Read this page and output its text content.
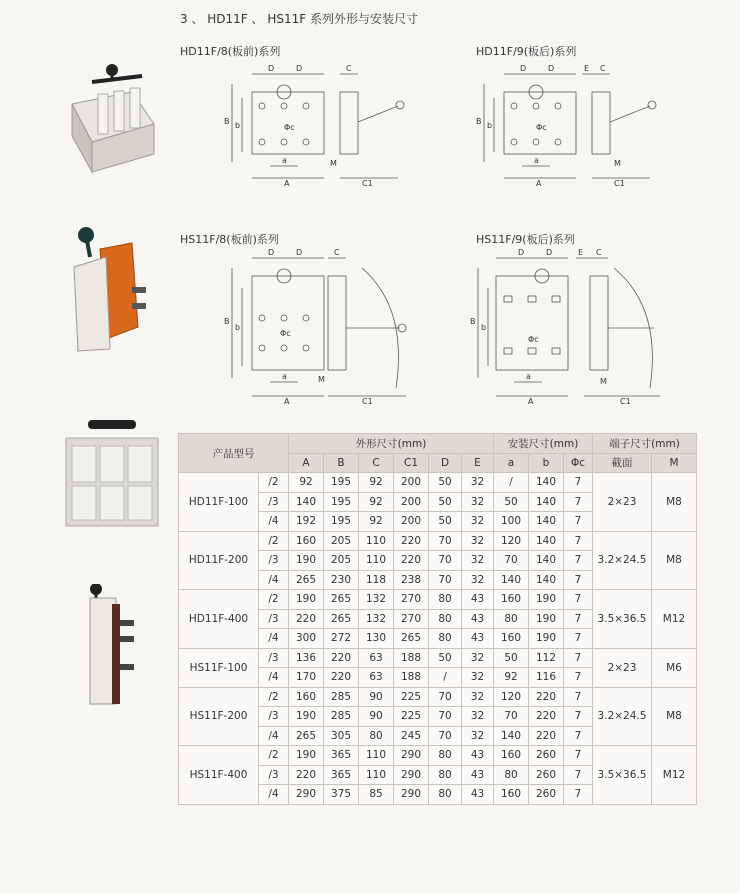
3 、 HD11F 、 HS11F 系列外形与安装尺寸
HD11F/8(板前)系列	HD11F/9(板后)系列
HS11F/8(板前)系列	HS11F/9(板后)系列
B b
D	D
Φc
a
A
C
C1
M
B b
D	D
Φc
a
A
E C
C1
M
B
b
D	D
Φc
a
A
C
C1
M
B
b
D	D
Φc
a
A
E C
C1
M
产品型号		外形尺寸(mm)						安装尺寸(mm)			端子尺寸(mm)	
		A	B	C	C1	D	E	a	b	Φc	截面	M
HD11F-100	/2	92	195	92	200	50	32	/	140	7	2×23	M8
	/3	140	195	92	200	50	32	50	140	7		
	/4	192	195	92	200	50	32	100	140	7		
HD11F-200	/2	160	205	110	220	70	32	120	140	7	3.2×24.5	M8
	/3	190	205	110	220	70	32	70	140	7		
	/4	265	230	118	238	70	32	140	140	7		
HD11F-400	/2	190	265	132	270	80	43	160	190	7	3.5×36.5	M12
	/3	220	265	132	270	80	43	80	190	7		
	/4	300	272	130	265	80	43	160	190	7		
HS11F-100	/3	136	220	63	188	50	32	50	112	7	2×23	M6
	/4	170	220	63	188	/	32	92	116	7		
HS11F-200	/2	160	285	90	225	70	32	120	220	7	3.2×24.5	M8
	/3	190	285	90	225	70	32	70	220	7		
	/4	265	305	80	245	70	32	140	220	7		
HS11F-400	/2	190	365	110	290	80	43	160	260	7	3.5×36.5	M12
	/3	220	365	110	290	80	43	80	260	7		
	/4	290	375	85	290	80	43	160	260	7		
